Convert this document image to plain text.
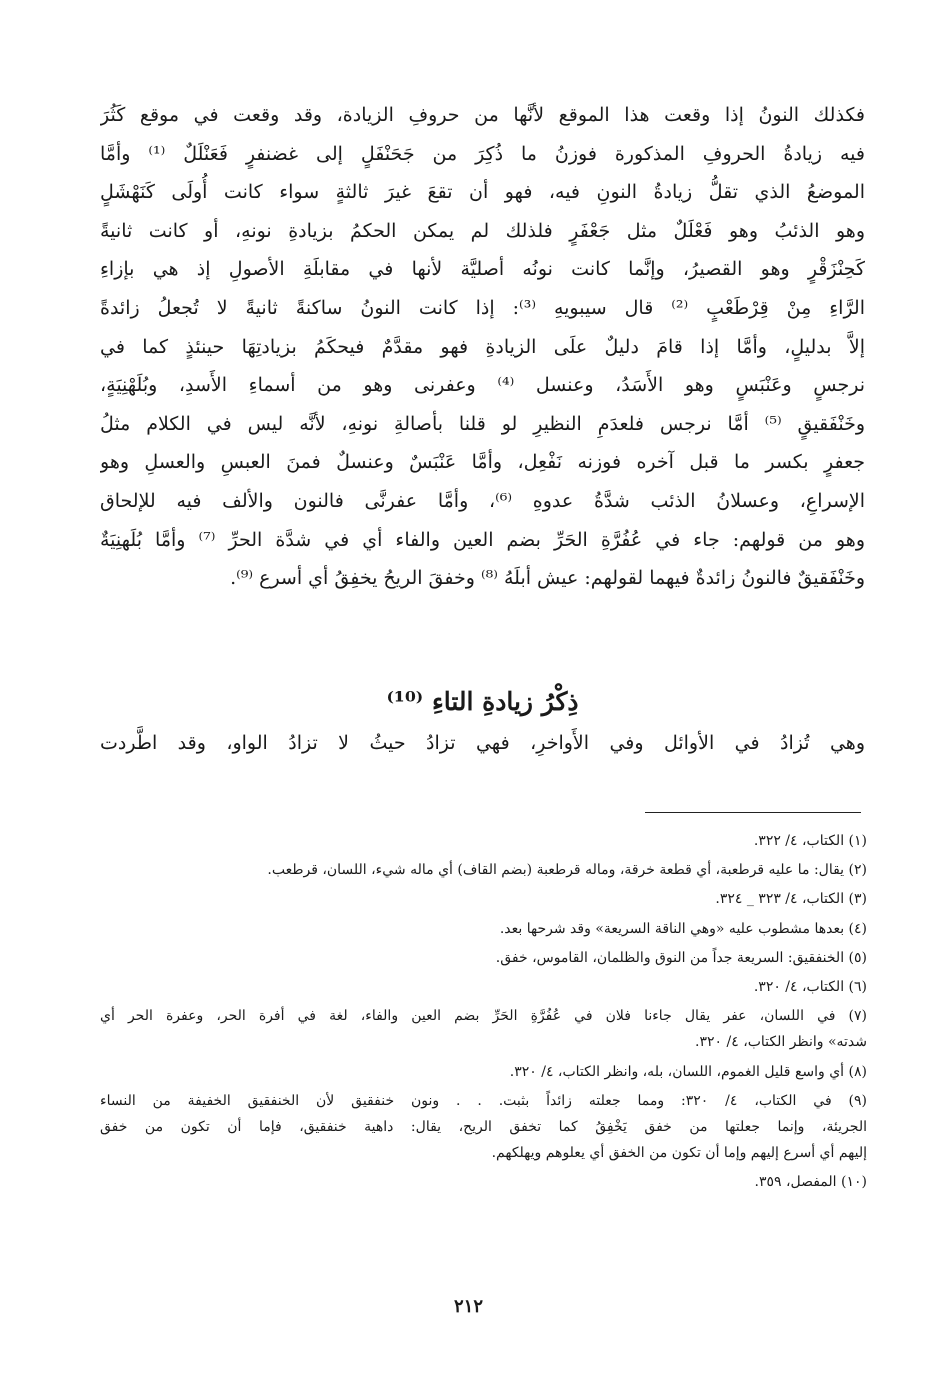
فكذلك النونُ إذا وقعت هذا الموقع لأنَّها من حروفِ الزيادة، وقد وقعت في موقع كَثُرَ
فيه زيادةُ الحروفِ المذكورة فوزنُ ما ذُكِرَ من جَحَنْفَلٍ إلى غضنفرٍ فَعَنْلَلٌ ⁽¹⁾ وأمَّا
الموضعُ الذي تقلُّ زيادةُ النونِ فيه، فهو أن تقعَ غيرَ ثالثةٍ سواء كانت أُولَى كَنَهْشَلٍ
وهو الذئبُ وهو فَعْلَلٌ مثل جَعْفَرٍ فلذلك لم يمكن الحكمُ بزيادةِ نونهِ، أو كانت ثانيةً
كَحِنْزَقْرٍ وهو القصيرُ، وإنَّما كانت نونُه أصليَّة لأنها في مقابلَةِ الأصولِ إذ هي بإزاءِ
الرَّاءِ مِنْ قِرْطَعْبٍ ⁽²⁾ قال سيبويهِ ⁽³⁾: إذا كانت النونُ ساكنةً ثانيةً لا تُجعلُ زائدةً
إلاَّ بدليلٍ، وأمَّا إذا قامَ دليلٌ علَى الزيادةِ فهو مقدَّمٌ فيحكَمُ بزيادتِهَا حينئذٍ كما في
نرجسٍ وعَنْبَسٍ وهو الأَسَدُ، وعنسل ⁽⁴⁾ وعفرنى وهو من أسماءِ الأَسدِ، وبُلَهْنِيَةٍ،
وخَنْفَقيقٍ ⁽⁵⁾ أمَّا نرجس فلعدَمِ النظيرِ لو قلنا بأصالةِ نونهِ، لأنَّه ليس في الكلام مثلُ
جعفرٍ بكسر ما قبل آخره فوزنه نَفْعِل، وأمَّا عَنْبَسٌ وعنسلٌ فمنَ العبسِ والعسلِ وهو
الإسراعِ، وعسلانُ الذئب شدَّةُ عدوهِ ⁽⁶⁾، وأمَّا عفرنَّى فالنون والألف فيه للإلحاق
وهو من قولهم: جاء في عُفُرَّةِ الحَرِّ بضم العين والفاء أي في شدَّة الحرِّ ⁽⁷⁾ وأمَّا بُلَهنِيَةٌ
وخَنْفَقيقٌ فالنونُ زائدةٌ فيهما لقولهم: عيش أبلَهُ ⁽⁸⁾ وخفقَ الريحُ يخفِقُ أي أسرع ⁽⁹⁾.
ذِكْرُ زيادةِ التاءِ ⁽¹⁰⁾
وهي تُزادُ في الأوائل وفي الأَواخرِ، فهي تزادُ حيثُ لا تزادُ الواو، وقد اطَّردت
(١) الكتاب، ٤/ ٣٢٢.
(٢) يقال: ما عليه قرطعبة، أي قطعة خرقة، وماله قرطعبة (بضم القاف) أي ماله شيء، اللسان، قرطعب.
(٣) الكتاب، ٤/ ٣٢٣ _ ٣٢٤.
(٤) بعدها مشطوب عليه «وهي الناقة السريعة» وقد شرحها بعد.
(٥) الخنفقيق: السريعة جداً من النوق والظلمان، القاموس، خفق.
(٦) الكتاب، ٤/ ٣٢٠.
(٧) في اللسان، عفر يقال جاءنا فلان في عُفُرَّةِ الحَرِّ بضم العين والفاء، لغة في أفرة الحر، وعفرة الحر أي
شدته» وانظر الكتاب، ٤/ ٣٢٠.
(٨) أي واسع قليل الغموم، اللسان، بله، وانظر الكتاب، ٤/ ٣٢٠.
(٩) في الكتاب، ٤/ ٣٢٠: ومما جعلته زائداً بثبت. . . ونون خنفقيق لأن الخنفقيق الخفيفة من النساء
الجريئة، وإنما جعلتها من خفق يَخْفِقُ كما تخفق الريح، يقال: داهية خنفقيق، فإما أن تكون من خفق
إليهم أي أسرع إليهم وإما أن تكون من الخفق أي يعلوهم ويهلكهم.
(١٠) المفصل، ٣٥٩.
٢١٢
